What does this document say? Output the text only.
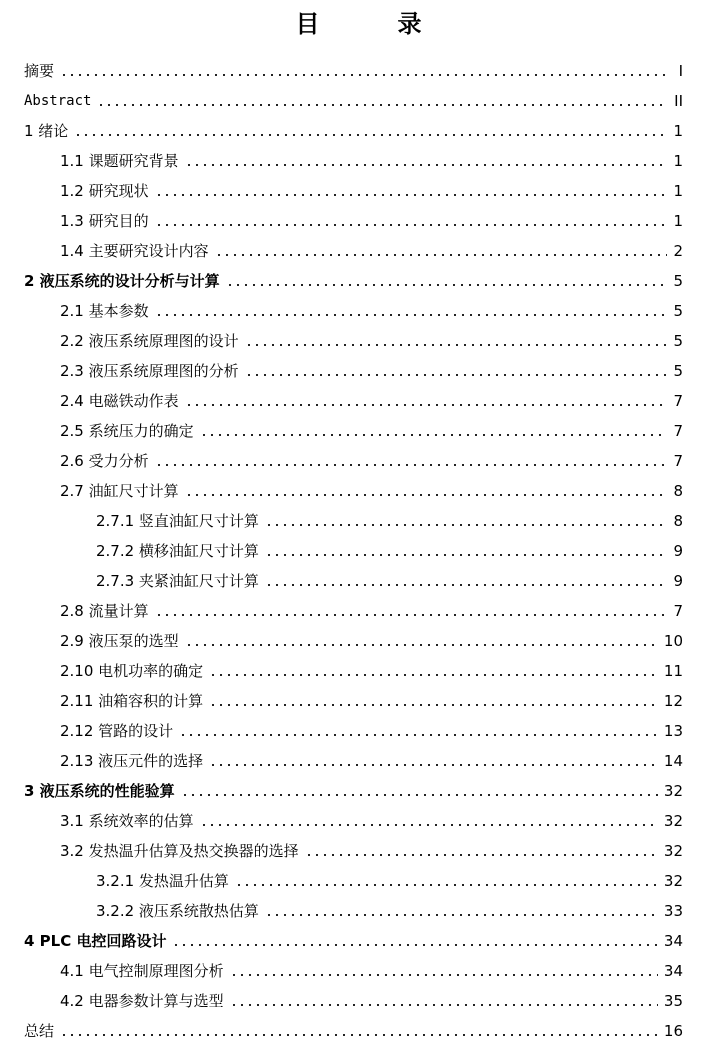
目	录
摘要	I
Abstract	II
1 绪论	1
1.1 课题研究背景	1
1.2 研究现状	1
1.3 研究目的	1
1.4 主要研究设计内容	2
2 液压系统的设计分析与计算	5
2.1 基本参数	5
2.2 液压系统原理图的设计	5
2.3 液压系统原理图的分析	5
2.4 电磁铁动作表	7
2.5 系统压力的确定	7
2.6 受力分析	7
2.7 油缸尺寸计算	8
2.7.1 竖直油缸尺寸计算	8
2.7.2 横移油缸尺寸计算	9
2.7.3 夹紧油缸尺寸计算	9
2.8 流量计算	7
2.9 液压泵的选型	10
2.10 电机功率的确定	11
2.11 油箱容积的计算	12
2.12 管路的设计	13
2.13 液压元件的选择	14
3 液压系统的性能验算	32
3.1 系统效率的估算	32
3.2 发热温升估算及热交换器的选择	32
3.2.1 发热温升估算	32
3.2.2 液压系统散热估算	33
4 PLC 电控回路设计	34
4.1 电气控制原理图分析	34
4.2 电器参数计算与选型	35
总结	16
